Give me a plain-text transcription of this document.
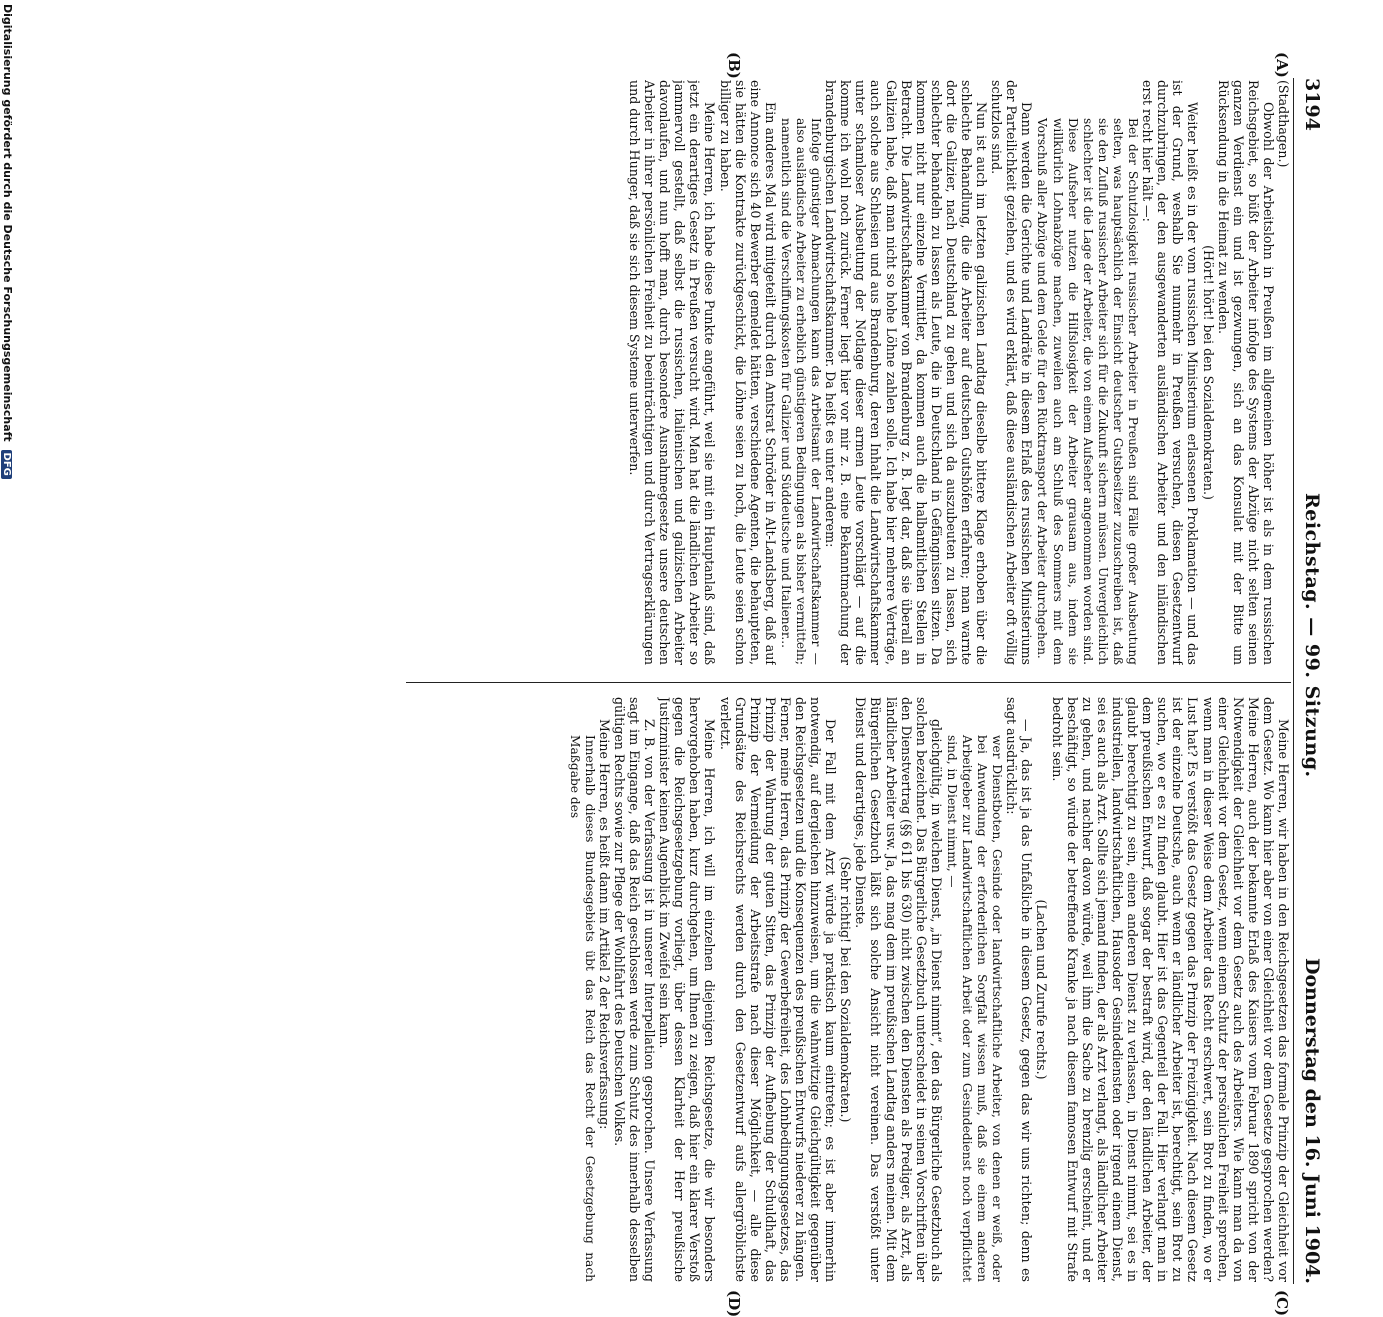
3194
Reichstag. — 99. Sitzung.
Donnerstag den 16. Juni 1904.
(A)
(B)
(C)
(D)

(Stadthagen.)

Obwohl der Arbeitslohn in Preußen im allgemeinen höher ist als in dem russischen Reichsgebiet, so büßt der Arbeiter infolge des Systems der Abzüge nicht selten seinen ganzen Verdienst ein und ist gezwungen, sich an das Konsulat mit der Bitte um Rücksendung in die Heimat zu wenden.

(Hört! hört! bei den Sozialdemokraten.)

Weiter heißt es in der vom russischen Ministerium erlassenen Proklamation — und das ist der Grund, weshalb Sie nunmehr in Preußen versuchen, diesen Gesetzentwurf durchzubringen, der den ausgewanderten ausländischen Arbeiter und den inländischen erst recht hier hält —:

Bei der Schutzlosigkeit russischer Arbeiter in Preußen sind Fälle großer Ausbeutung selten, was hauptsächlich der Einsicht deutscher Gutsbesitzer zuzuschreiben ist, daß sie den Zufluß russischer Arbeiter sich für die Zukunft sichern müssen. Unvergleichlich schlechter ist die Lage der Arbeiter, die von einem Aufseher angenommen worden sind. Diese Aufseher nutzen die Hilfslosigkeit der Arbeiter grausam aus, indem sie willkürlich Lohnabzüge machen, zuweilen auch am Schluß des Sommers mit dem Vorschuß aller Abzüge und dem Gelde für den Rücktransport der Arbeiter durchgehen.

Dann werden die Gerichte und Landräte in diesem Erlaß des russischen Ministeriums der Parteilichkeit geziehen, und es wird erklärt, daß diese ausländischen Arbeiter oft völlig schutzlos sind.

Nun ist auch im letzten galizischen Landtag dieselbe bittere Klage erhoben über die schlechte Behandlung, die die Arbeiter auf deutschen Gutshöfen erfahren; man warnte dort die Galizier, nach Deutschland zu gehen und sich da auszubeuten zu lassen, sich schlechter behandeln zu lassen als Leute, die in Deutschland in Gefängnissen sitzen. Da kommen nicht nur einzelne Vermittler, da kommen auch die halbamtlichen Stellen in Betracht. Die Landwirtschaftskammer von Brandenburg z. B. legt dar, daß sie überall an Galizien habe, daß man nicht so hohe Löhne zahlen solle. Ich habe hier mehrere Verträge, auch solche aus Schlesien und aus Brandenburg, deren Inhalt die Landwirtschaftskammer unter schamloser Ausbeutung der Notlage dieser armen Leute vorschlägt — auf die komme ich wohl noch zurück. Ferner liegt hier vor mir z. B. eine Bekanntmachung der brandenburgischen Landwirtschaftskammer. Da heißt es unter anderem:

Infolge günstiger Abmachungen kann das Arbeitsamt der Landwirtschaftskammer — also ausländische Arbeiter zu erheblich günstigeren Bedingungen als bisher vermitteln; namentlich sind die Verschiffungskosten für Galizier und Süddeutsche und Italiener...

Ein anderes Mal wird mitgeteilt durch den Amtsrat Schröder in Alt-Landsberg, daß auf eine Annonce sich 40 Bewerber gemeldet hätten, verschiedene Agenten, die behaupteten, sie hätten die Kontrakte zurückgeschickt, die Löhne seien zu hoch, die Leute seien schon billiger zu haben.

Meine Herren, ich habe diese Punkte angeführt, weil sie mit ein Hauptanlaß sind, daß jetzt ein derartiges Gesetz in Preußen versucht wird. Man hat die ländlichen Arbeiter so jammervoll gestellt, daß selbst die russischen, italienischen und galizischen Arbeiter davonlaufen, und nun hofft man, durch besondere Ausnahmegesetze unsere deutschen Arbeiter in ihrer persönlichen Freiheit zu beeinträchtigen und durch Vertragserklärungen und durch Hunger, daß sie sich diesem Systeme unterwerfen.

Meine Herren, wir haben in den Reichsgesetzen das formale Prinzip der Gleichheit vor dem Gesetz. Wo kann hier aber von einer Gleichheit vor dem Gesetze gesprochen werden? Meine Herren, auch der bekannte Erlaß des Kaisers vom Februar 1890 spricht von der Notwendigkeit der Gleichheit vor dem Gesetz auch des Arbeiters. Wie kann man da von einer Gleichheit vor dem Gesetz, wenn einem Schutz der persönlichen Freiheit sprechen, wenn man in dieser Weise dem Arbeiter das Recht erschwert, sein Brot zu finden, wo er Lust hat? Es verstößt das Gesetz gegen das Prinzip der Freizügigkeit. Nach diesem Gesetz ist der einzelne Deutsche, auch wenn er ländlicher Arbeiter ist, berechtigt, sein Brot zu suchen, wo er es zu finden glaubt. Hier ist das Gegenteil der Fall. Hier verlangt man in dem preußischen Entwurf, daß sogar der bestraft wird, der den ländlichen Arbeiter, der glaubt berechtigt zu sein, einen anderen Dienst zu verlassen, in Dienst nimmt, sei es in industriellen, landwirtschaftlichen, Hausoder Gesindediensten oder irgend einem Dienst, sei es auch als Arzt. Sollte sich jemand finden, der als Arzt verlangt, als ländlicher Arbeiter zu gehen, und nachher davon würde, weil ihm die Sache zu brenzlig erscheint, und er beschäftigt, so würde der betreffende Kranke ja nach diesem famosen Entwurf mit Strafe bedroht sein.

(Lachen und Zurufe rechts.)

— Ja, das ist ja das Unfaßliche in diesem Gesetz, gegen das wir uns richten; denn es sagt ausdrücklich:

wer Dienstboten, Gesinde oder landwirtschaftliche Arbeiter, von denen er weiß, oder bei Anwendung der erforderlichen Sorgfalt wissen muß, daß sie einem anderen Arbeitgeber zur Landwirtschaftlichen Arbeit oder zum Gesindedienst noch verpflichtet sind, in Dienst nimmt, —

gleichgültig, in welchen Dienst, „in Dienst nimmt“, den das Bürgerliche Gesetzbuch als solchen bezeichnet. Das Bürgerliche Gesetzbuch unterscheidet in seinen Vorschriften über den Dienstvertrag (§§ 611 bis 630) nicht zwischen den Diensten als Prediger, als Arzt, als ländlicher Arbeiter usw. Ja, das mag dem im preußischen Landtag anders meinen. Mit dem Bürgerlichen Gesetzbuch läßt sich solche Ansicht nicht vereinen. Das verstößt unter Dienst und derartiges, jede Dienste.

(Sehr richtig! bei den Sozialdemokraten.)

Der Fall mit dem Arzt würde ja praktisch kaum eintreten; es ist aber immerhin notwendig, auf dergleichen hinzuweisen, um die wahnwitzige Gleichgültigkeit gegenüber den Reichsgesetzen und die Konsequenzen des preußischen Entwurfs niederer zu hängen. Ferner, meine Herren, das Prinzip der Gewerbefreiheit, des Lohnbedingungsgesetzes, das Prinzip der Wahrung der guten Sitten, das Prinzip der Aufhebung der Schuldhaft, das Prinzip der Vermeidung der Arbeitsstrafe nach dieser Möglichkeit, — alle diese Grundsätze des Reichsrechts werden durch den Gesetzentwurf aufs allergröblichste verletzt.

Meine Herren, ich will im einzelnen diejenigen Reichsgesetze, die wir besonders hervorgehoben haben, kurz durchgehen, um Ihnen zu zeigen, daß hier ein klarer Verstoß gegen die Reichsgesetzgebung vorliegt, über dessen Klarheit der Herr preußische Justizminister keinen Augenblick im Zweifel sein kann.

Z. B. von der Verfassung ist in unserer Interpellation gesprochen. Unsere Verfassung sagt im Eingange, daß das Reich geschlossen werde zum Schutz des innerhalb desselben gültigen Rechts sowie zur Pflege der Wohlfahrt des Deutschen Volkes.

Meine Herren, es heißt dann im Artikel 2 der Reichsverfassung:

Innerhalb dieses Bundesgebiets übt das Reich das Recht der Gesetzgebung nach Maßgabe des

Digitalisierung gefördert durch die Deutsche Forschungsgemeinschaft DFG
